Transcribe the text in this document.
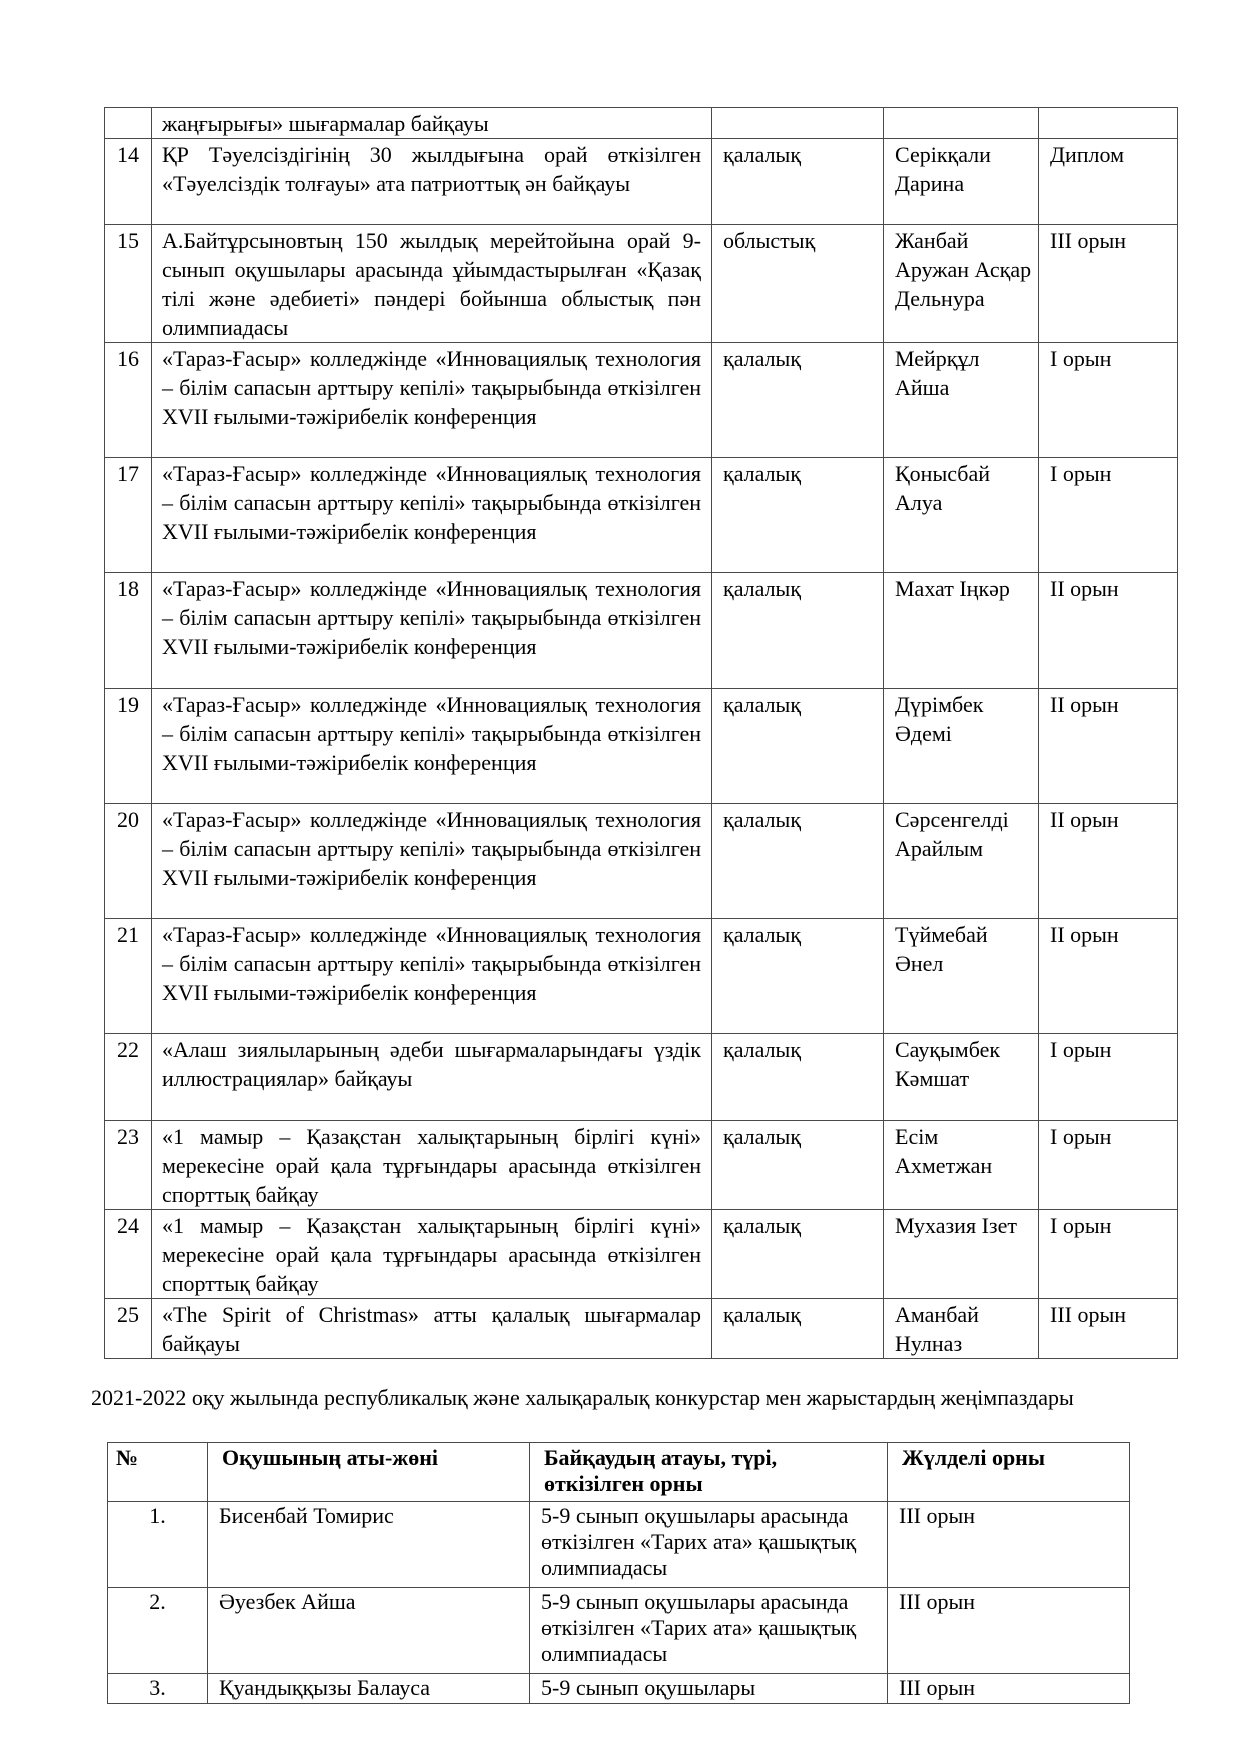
	жаңғырығы» шығармалар байқауы			
14	ҚР Тәуелсіздігінің 30 жылдығына орай өткізілген «Тәуелсіздік толғауы» ата патриоттық ән байқауы	қалалық	Серікқали Дарина	Диплом
15	А.Байтұрсыновтың 150 жылдық мерейтойына орай 9-сынып оқушылары арасында ұйымдастырылған «Қазақ тілі және әдебиеті» пәндері бойынша облыстық пән олимпиадасы	облыстық	Жанбай Аружан Асқар Дельнура	ІІІ орын
16	«Тараз-Ғасыр» колледжінде «Инновациялық технология – білім сапасын арттыру кепілі» тақырыбында өткізілген XVII ғылыми-тәжірибелік конференция	қалалық	Мейрқұл Айша	І орын
17	«Тараз-Ғасыр» колледжінде «Инновациялық технология – білім сапасын арттыру кепілі» тақырыбында өткізілген XVII ғылыми-тәжірибелік конференция	қалалық	Қонысбай Алуа	І орын
18	«Тараз-Ғасыр» колледжінде «Инновациялық технология – білім сапасын арттыру кепілі» тақырыбында өткізілген XVII ғылыми-тәжірибелік конференция	қалалық	Махат Іңкәр	ІІ орын
19	«Тараз-Ғасыр» колледжінде «Инновациялық технология – білім сапасын арттыру кепілі» тақырыбында өткізілген XVII ғылыми-тәжірибелік конференция	қалалық	Дүрімбек Әдемі	ІІ орын
20	«Тараз-Ғасыр» колледжінде «Инновациялық технология – білім сапасын арттыру кепілі» тақырыбында өткізілген XVII ғылыми-тәжірибелік конференция	қалалық	Сәрсенгелді Арайлым	ІІ орын
21	«Тараз-Ғасыр» колледжінде «Инновациялық технология – білім сапасын арттыру кепілі» тақырыбында өткізілген XVII ғылыми-тәжірибелік конференция	қалалық	Түймебай Әнел	ІІ орын
22	«Алаш зиялыларының әдеби шығармаларындағы үздік иллюстрациялар» байқауы	қалалық	Сауқымбек Кәмшат	І орын
23	«1 мамыр – Қазақстан халықтарының бірлігі күні» мерекесіне орай қала тұрғындары арасында өткізілген спорттық байқау	қалалық	Есім Ахметжан	І орын
24	«1 мамыр – Қазақстан халықтарының бірлігі күні» мерекесіне орай қала тұрғындары арасында өткізілген спорттық байқау	қалалық	Мухазия Ізет	І орын
25	«The Spirit of Christmas» атты қалалық шығармалар байқауы	қалалық	Аманбай Нулназ	ІІІ орын
2021-2022 оқу жылында республикалық және халықаралық конкурстар мен жарыстардың жеңімпаздары
№	Оқушының аты-жөні	Байқаудың атауы, түрі, өткізілген орны	Жүлделі орны
1.	Бисенбай Томирис	5-9 сынып оқушылары арасында өткізілген «Тарих ата» қашықтық олимпиадасы	ІІІ орын
2.	Әуезбек Айша	5-9 сынып оқушылары арасында өткізілген «Тарих ата» қашықтық олимпиадасы	ІІІ орын
3.	Қуандыққызы Балауса	5-9 сынып оқушылары	ІІІ орын
